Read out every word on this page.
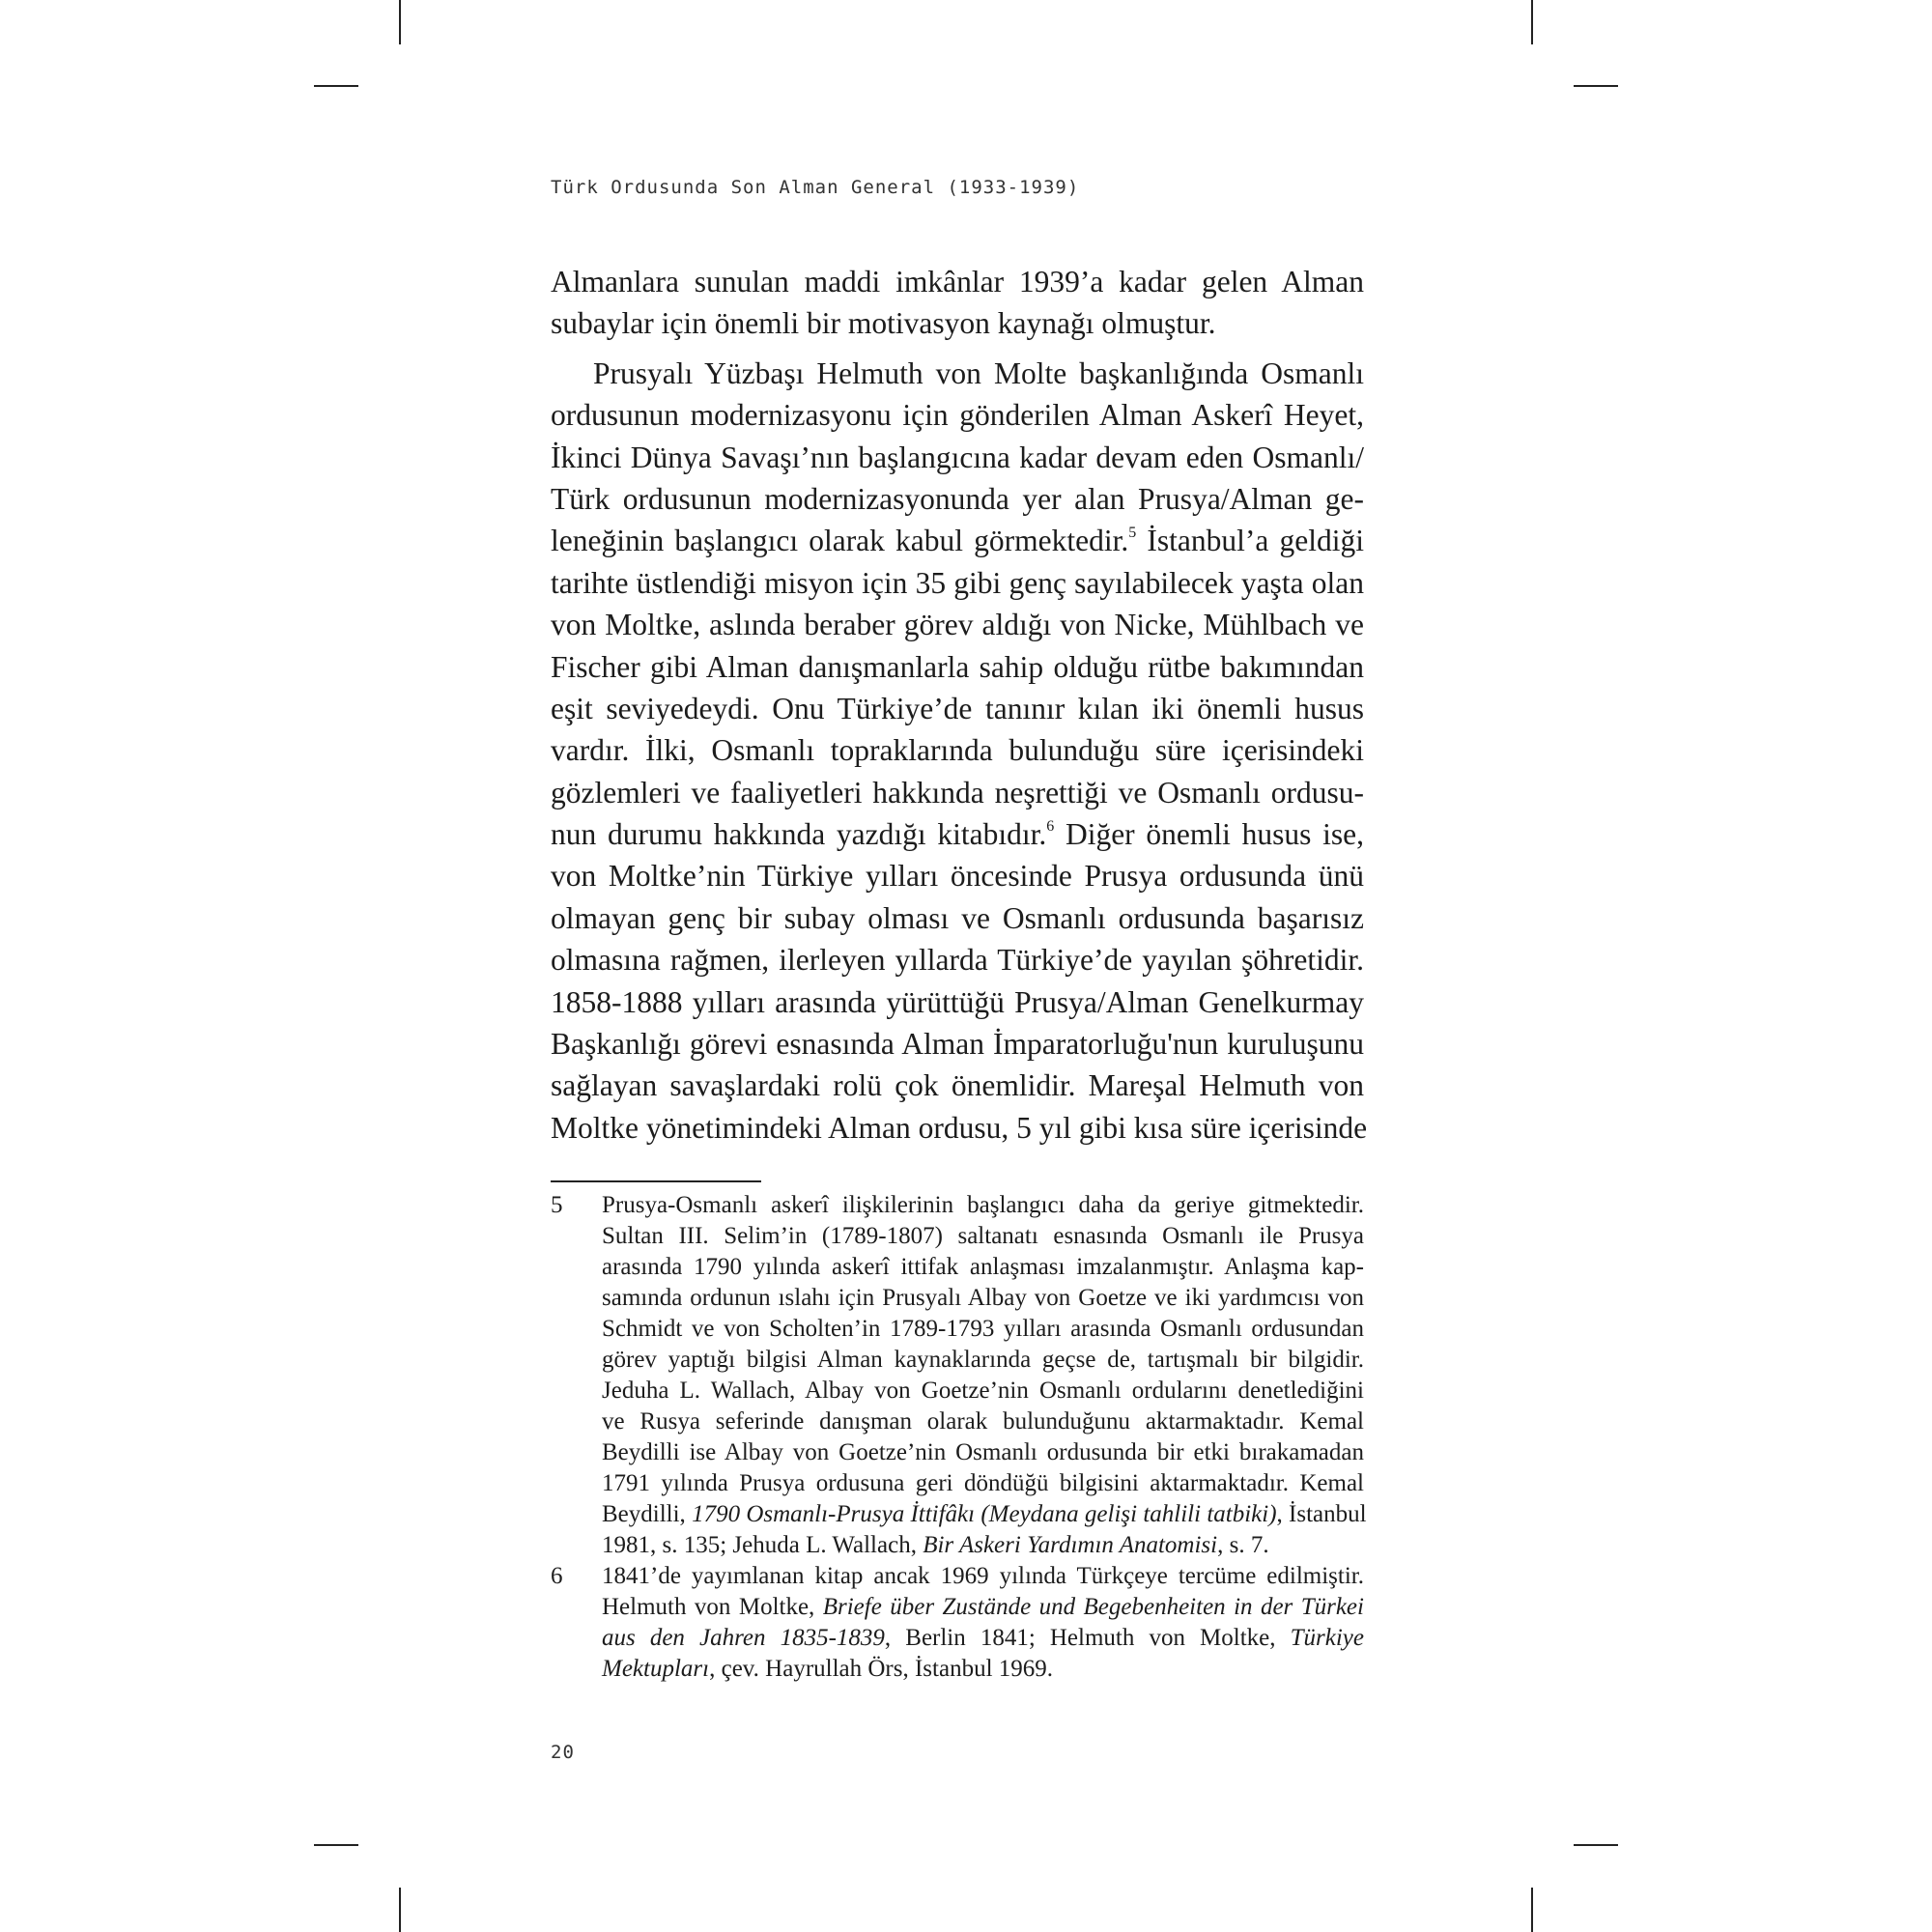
Türk Ordusunda Son Alman General (1933-1939)
Almanlara sunulan maddi imkânlar 1939’a kadar gelen Alman
subaylar için önemli bir motivasyon kaynağı olmuştur.
Prusyalı Yüzbaşı Helmuth von Molte başkanlığında Osmanlı
ordusunun modernizasyonu için gönderilen Alman Askerî Heyet,
İkinci Dünya Savaşı’nın başlangıcına kadar devam eden Osmanlı/
Türk ordusunun modernizasyonunda yer alan Prusya/Alman ge-
leneğinin başlangıcı olarak kabul görmektedir.$^5$ İstanbul’a geldiği
tarihte üstlendiği misyon için 35 gibi genç sayılabilecek yaşta olan
von Moltke, aslında beraber görev aldığı von Nicke, Mühlbach ve
Fischer gibi Alman danışmanlarla sahip olduğu rütbe bakımından
eşit seviyedeydi. Onu Türkiye’de tanınır kılan iki önemli husus
vardır. İlki, Osmanlı topraklarında bulunduğu süre içerisindeki
gözlemleri ve faaliyetleri hakkında neşrettiği ve Osmanlı ordusu-
nun durumu hakkında yazdığı kitabıdır.$^6$ Diğer önemli husus ise,
von Moltke’nin Türkiye yılları öncesinde Prusya ordusunda ünü
olmayan genç bir subay olması ve Osmanlı ordusunda başarısız
olmasına rağmen, ilerleyen yıllarda Türkiye’de yayılan şöhretidir.
1858-1888 yılları arasında yürüttüğü Prusya/Alman Genelkurmay
Başkanlığı görevi esnasında Alman İmparatorluğu'nun kuruluşunu
sağlayan savaşlardaki rolü çok önemlidir. Mareşal Helmuth von
Moltke yönetimindeki Alman ordusu, 5 yıl gibi kısa süre içerisinde
5 Prusya-Osmanlı askerî ilişkilerinin başlangıcı daha da geriye gitmektedir.
Sultan III. Selim’in (1789-1807) saltanatı esnasında Osmanlı ile Prusya
arasında 1790 yılında askerî ittifak anlaşması imzalanmıştır. Anlaşma kap-
samında ordunun ıslahı için Prusyalı Albay von Goetze ve iki yardımcısı von
Schmidt ve von Scholten’in 1789-1793 yılları arasında Osmanlı ordusundan
görev yaptığı bilgisi Alman kaynaklarında geçse de, tartışmalı bir bilgidir.
Jeduha L. Wallach, Albay von Goetze’nin Osmanlı ordularını denetlediğini
ve Rusya seferinde danışman olarak bulunduğunu aktarmaktadır. Kemal
Beydilli ise Albay von Goetze’nin Osmanlı ordusunda bir etki bırakamadan
1791 yılında Prusya ordusuna geri döndüğü bilgisini aktarmaktadır. Kemal
Beydilli, 1790 Osmanlı-Prusya İttifâkı (Meydana gelişi tahlili tatbiki), İstanbul
1981, s. 135; Jehuda L. Wallach, Bir Askeri Yardımın Anatomisi, s. 7.
6 1841’de yayımlanan kitap ancak 1969 yılında Türkçeye tercüme edilmiştir.
Helmuth von Moltke, Briefe über Zustände und Begebenheiten in der Türkei
aus den Jahren 1835-1839, Berlin 1841; Helmuth von Moltke, Türkiye
Mektupları, çev. Hayrullah Örs, İstanbul 1969.
20
